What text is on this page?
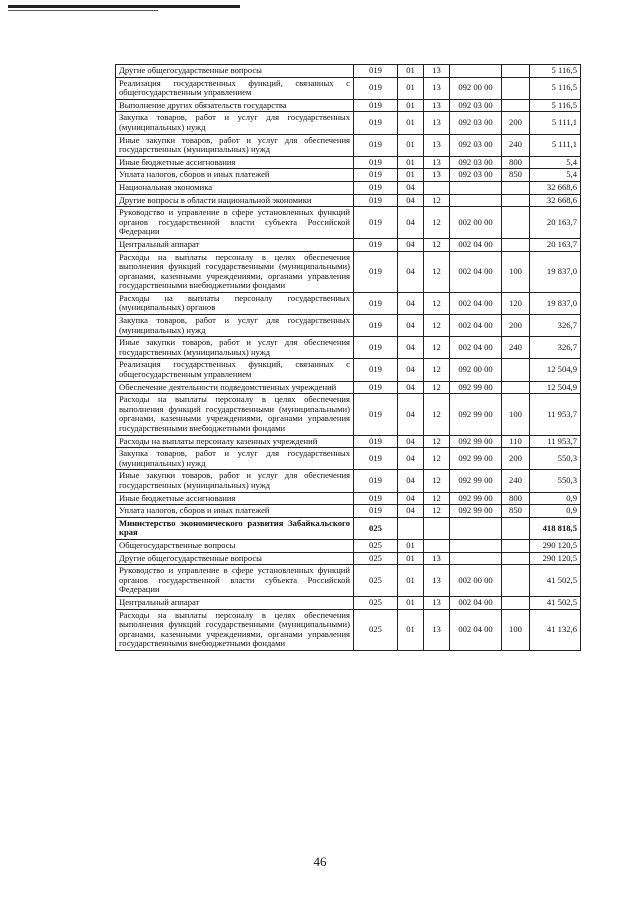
Другие общегосударственные вопросы	019	01	13			5 116,5
Реализация государственных функций, связанных с общегосударственным управлением	019	01	13	092 00 00		5 116,5
Выполнение других обязательств государства	019	01	13	092 03 00		5 116,5
Закупка товаров, работ и услуг для государственных (муниципальных) нужд	019	01	13	092 03 00	200	5 111,1
Иные закупки товаров, работ и услуг для обеспечения государственных (муниципальных) нужд	019	01	13	092 03 00	240	5 111,1
Иные бюджетные ассигнования	019	01	13	092 03 00	800	5,4
Уплата налогов, сборов и иных платежей	019	01	13	092 03 00	850	5,4
Национальная экономика	019	04				32 668,6
Другие вопросы в области национальной экономики	019	04	12			32 668,6
Руководство и управление в сфере установленных функций органов государственной власти субъекта Российской Федерации	019	04	12	002 00 00		20 163,7
Центральный аппарат	019	04	12	002 04 00		20 163,7
Расходы на выплаты персоналу в целях обеспечения выполнения функций государственными (муниципальными) органами, казенными учреждениями, органами управления государственными внебюджетными фондами	019	04	12	002 04 00	100	19 837,0
Расходы на выплаты персоналу государственных (муниципальных) органов	019	04	12	002 04 00	120	19 837,0
Закупка товаров, работ и услуг для государственных (муниципальных) нужд	019	04	12	002 04 00	200	326,7
Иные закупки товаров, работ и услуг для обеспечения государственных (муниципальных) нужд	019	04	12	002 04 00	240	326,7
Реализация государственных функций, связанных с общегосударственным управлением	019	04	12	092 00 00		12 504,9
Обеспечение деятельности подведомственных учреждений	019	04	12	092 99 00		12 504,9
Расходы на выплаты персоналу в целях обеспечения выполнения функций государственными (муниципальными) органами, казенными учреждениями, органами управления государственными внебюджетными фондами	019	04	12	092 99 00	100	11 953,7
Расходы на выплаты персоналу казенных учреждений	019	04	12	092 99 00	110	11 953,7
Закупка товаров, работ и услуг для государственных (муниципальных) нужд	019	04	12	092 99 00	200	550,3
Иные закупки товаров, работ и услуг для обеспечения государственных (муниципальных) нужд	019	04	12	092 99 00	240	550,3
Иные бюджетные ассигнования	019	04	12	092 99 00	800	0,9
Уплата налогов, сборов и иных платежей	019	04	12	092 99 00	850	0,9
Министерство экономического развития Забайкальского края	025					418 818,5
Общегосударственные вопросы	025	01				290 120,5
Другие общегосударственные вопросы	025	01	13			290 120,5
Руководство и управление в сфере установленных функций органов государственной власти субъекта Российской Федерации	025	01	13	002 00 00		41 502,5
Центральный аппарат	025	01	13	002 04 00		41 502,5
Расходы на выплаты персоналу в целях обеспечения выполнения функций государственными (муниципальными) органами, казенными учреждениями, органами управления государственными внебюджетными фондами	025	01	13	002 04 00	100	41 132,6
46
